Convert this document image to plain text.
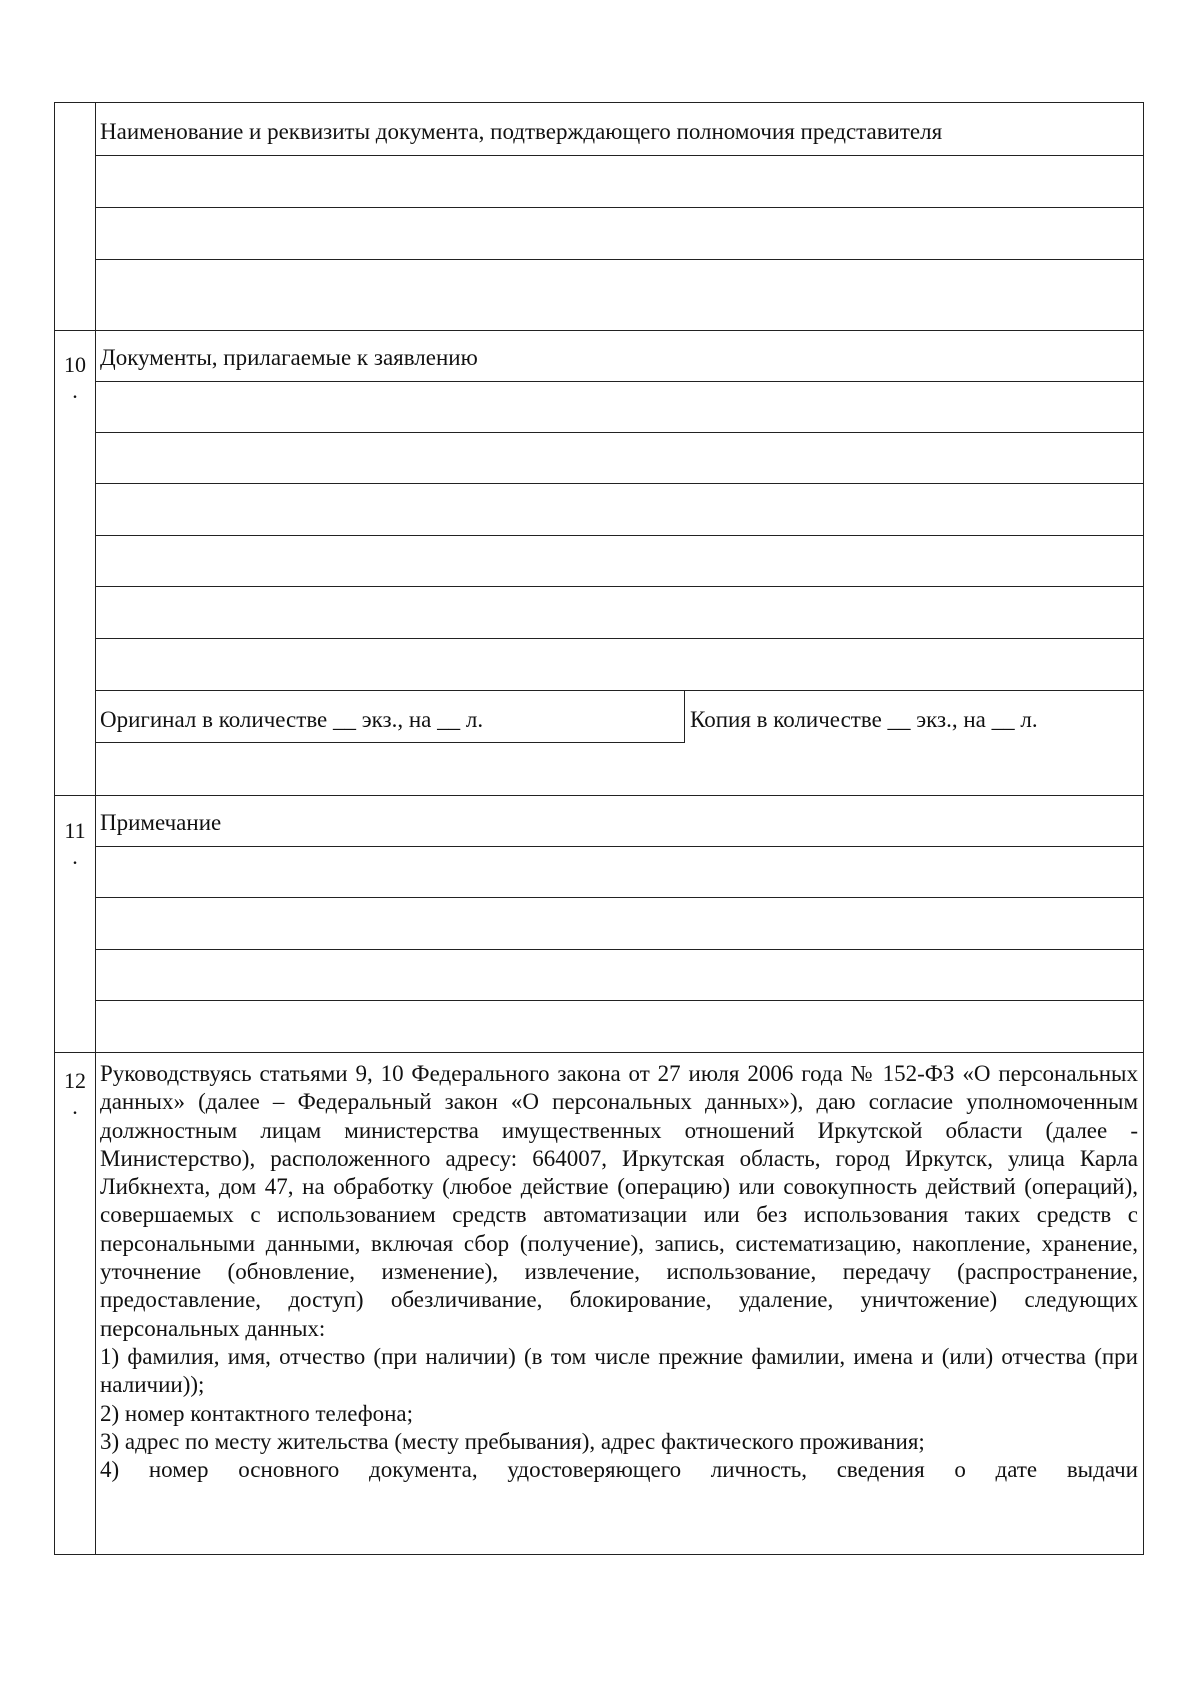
Наименование и реквизиты документа, подтверждающего полномочия представителя
10
.
Документы, прилагаемые к заявлению
Оригинал в количестве __ экз., на __ л.	Копия в количестве __ экз., на __ л.
11
.
Примечание
12
.

Руководствуясь статьями 9, 10 Федерального закона от 27 июля 2006 года № 152-ФЗ «О персональных данных» (далее – Федеральный закон «О персональных данных»), даю согласие уполномоченным должностным лицам министерства имущественных отношений Иркутской области (далее - Министерство), расположенного адресу: 664007, Иркутская область, город Иркутск, улица Карла Либкнехта, дом 47, на обработку (любое действие (операцию) или совокупность действий (операций), совершаемых с использованием средств автоматизации или без использования таких средств с персональными данными, включая сбор (получение), запись, систематизацию, накопление, хранение, уточнение (обновление, изменение), извлечение, использование, передачу (распространение, предоставление, доступ) обезличивание, блокирование, удаление, уничтожение) следующих персональных данных:

1) фамилия, имя, отчество (при наличии) (в том числе прежние фамилии, имена и (или) отчества (при наличии));

2) номер контактного телефона;

3) адрес по месту жительства (месту пребывания), адрес фактического проживания;

4) номер основного документа, удостоверяющего личность, сведения о дате выдачи
